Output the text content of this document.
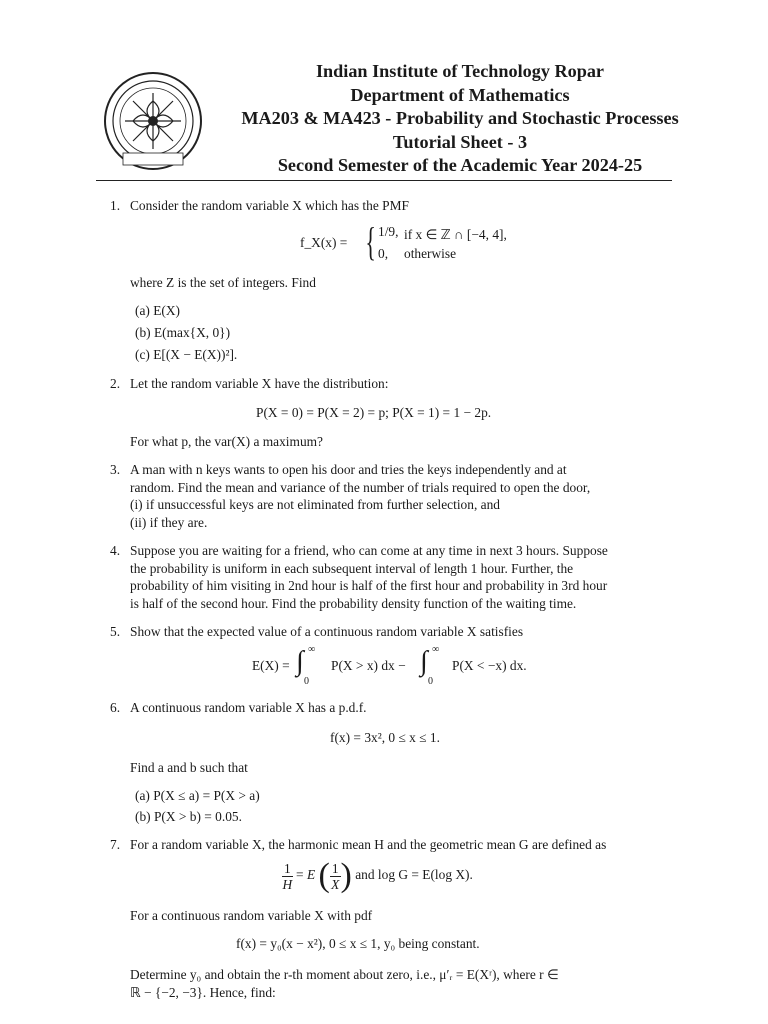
Indian Institute of Technology Ropar
Department of Mathematics
MA203 & MA423 - Probability and Stochastic Processes
Tutorial Sheet - 3
Second Semester of the Academic Year 2024-25
1. Consider the random variable X which has the PMF
f_X(x) = { 1/9, if x ∈ ℤ ∩ [−4, 4],
0, otherwise
where Z is the set of integers. Find
(a) E(X)
(b) E(max{X, 0})
(c) E[(X − E(X))²].
2. Let the random variable X have the distribution:
P(X = 0) = P(X = 2) = p; P(X = 1) = 1 − 2p.
For what p, the var(X) a maximum?
3. A man with n keys wants to open his door and tries the keys independently and at
random. Find the mean and variance of the number of trials required to open the door,
(i) if unsuccessful keys are not eliminated from further selection, and
(ii) if they are.
4. Suppose you are waiting for a friend, who can come at any time in next 3 hours. Suppose
the probability is uniform in each subsequent interval of length 1 hour. Further, the
probability of him visiting in 2nd hour is half of the first hour and probability in 3rd hour
is half of the second hour. Find the probability density function of the waiting time.
5. Show that the expected value of a continuous random variable X satisfies
E(X) = ∫ ∞
0
P(X > x) dx − ∫ ∞
0
P(X < −x) dx.
6. A continuous random variable X has a p.d.f.
f(x) = 3x², 0 ≤ x ≤ 1.
Find a and b such that
(a) P(X ≤ a) = P(X > a)
(b) P(X > b) = 0.05.
7. For a random variable X, the harmonic mean H and the geometric mean G are defined as
$\frac{1}{H} = E$ ( $\frac{1}{X}$ ) and log G = E(log X).
For a continuous random variable X with pdf
f(x) = y₀(x − x²), 0 ≤ x ≤ 1, y₀ being constant.
Determine y₀ and obtain the r-th moment about zero, i.e., μ′ᵣ = E(Xʳ), where r ∈
ℝ − {−2, −3}. Hence, find:
